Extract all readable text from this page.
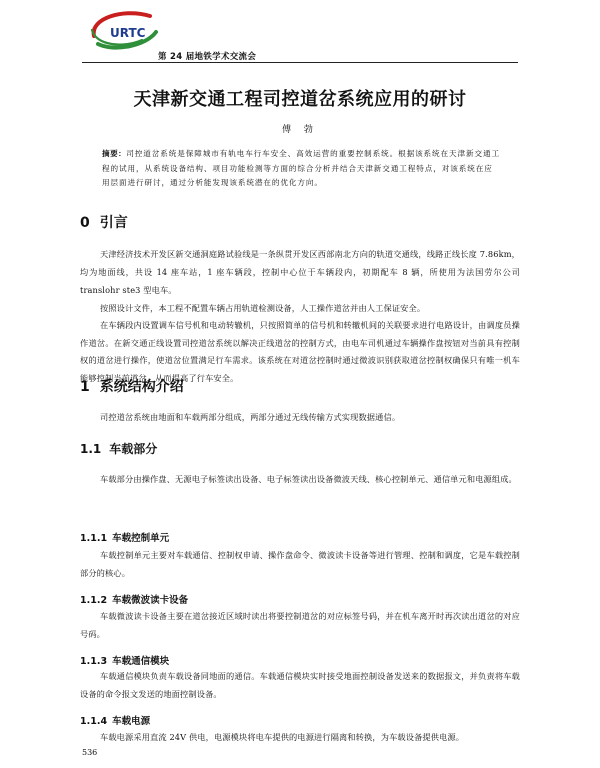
URTC
第 24 届地铁学术交流会
天津新交通工程司控道岔系统应用的研讨
傅 勃
摘要：司控道岔系统是保障城市有轨电车行车安全、高效运营的重要控制系统。根据该系统在天津新交通工程的试用，从系统设备结构、项目功能检测等方面的综合分析并结合天津新交通工程特点，对该系统在应用层面进行研讨，通过分析能发现该系统潜在的优化方向。
0 引言

天津经济技术开发区新交通洞庭路试验线是一条纵贯开发区西部南北方向的轨道交通线，线路正线长度 7.86km，均为地面线，共设 14 座车站，1 座车辆段，控制中心位于车辆段内，初期配车 8 辆，所使用为法国劳尔公司 translohr ste3 型电车。

按照设计文件，本工程不配置车辆占用轨道检测设备，人工操作道岔并由人工保证安全。

在车辆段内设置调车信号机和电动转辙机，只按照简单的信号机和转辙机间的关联要求进行电路设计，由调度员操作道岔。在新交通正线设置司控道岔系统以解决正线道岔的控制方式，由电车司机通过车辆操作盘按钮对当前具有控制权的道岔进行操作，使道岔位置满足行车需求。该系统在对道岔控制时通过微波识别获取道岔控制权确保只有唯一机车能够控制当前道岔，从而提高了行车安全。

1 系统结构介绍

司控道岔系统由地面和车载两部分组成，两部分通过无线传输方式实现数据通信。

1.1 车载部分

车载部分由操作盘、无源电子标签读出设备、电子标签读出设备微波天线、核心控制单元、通信单元和电源组成。

1.1.1 车载控制单元

车载控制单元主要对车载通信、控制权申请、操作盘命令、微波读卡设备等进行管理、控制和调度，它是车载控制部分的核心。

1.1.2 车载微波读卡设备

车载微波读卡设备主要在道岔接近区域时读出将要控制道岔的对应标签号码，并在机车离开时再次读出道岔的对应号码。

1.1.3 车载通信模块

车载通信模块负责车载设备同地面的通信。车载通信模块实时接受地面控制设备发送来的数据报文，并负责将车载设备的命令报文发送的地面控制设备。

1.1.4 车载电源

车载电源采用直流 24V 供电，电源模块将电车提供的电源进行隔离和转换，为车载设备提供电源。

536
